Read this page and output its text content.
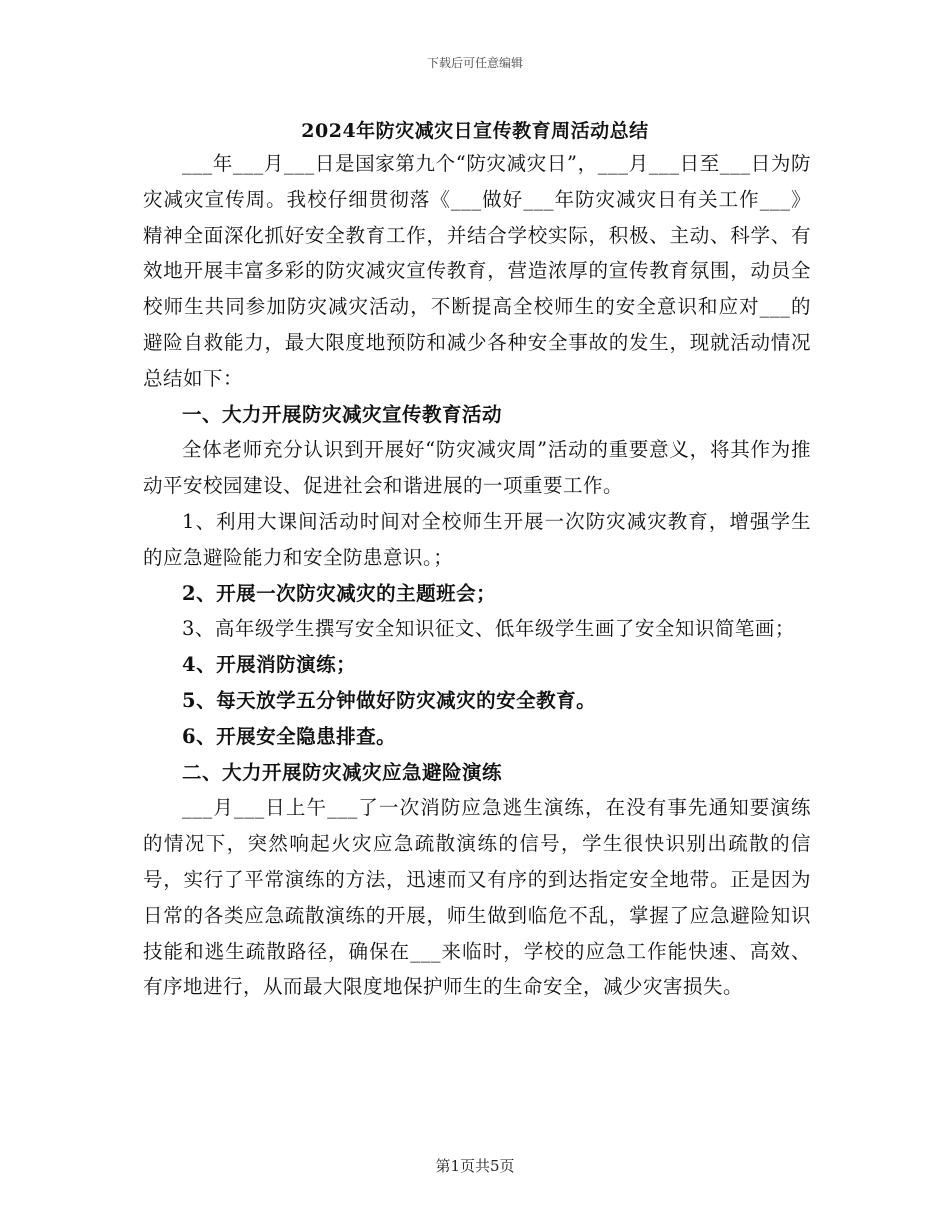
下载后可任意编辑
2024年防灾减灾日宣传教育周活动总结

___年___月___日是国家第九个“防灾减灾日”，___月___日至___日为防灾减灾宣传周。我校仔细贯彻落《___做好___年防灾减灾日有关工作___》精神全面深化抓好安全教育工作，并结合学校实际，积极、主动、科学、有效地开展丰富多彩的防灾减灾宣传教育，营造浓厚的宣传教育氛围，动员全校师生共同参加防灾减灾活动，不断提高全校师生的安全意识和应对___的避险自救能力，最大限度地预防和减少各种安全事故的发生，现就活动情况总结如下：

一、大力开展防灾减灾宣传教育活动

全体老师充分认识到开展好“防灾减灾周”活动的重要意义，将其作为推动平安校园建设、促进社会和谐进展的一项重要工作。

1、利用大课间活动时间对全校师生开展一次防灾减灾教育，增强学生的应急避险能力和安全防患意识。；

2、开展一次防灾减灾的主题班会；

3、高年级学生撰写安全知识征文、低年级学生画了安全知识简笔画；

4、开展消防演练；

5、每天放学五分钟做好防灾减灾的安全教育。

6、开展安全隐患排查。

二、大力开展防灾减灾应急避险演练

___月___日上午___了一次消防应急逃生演练，在没有事先通知要演练的情况下，突然响起火灾应急疏散演练的信号，学生很快识别出疏散的信号，实行了平常演练的方法，迅速而又有序的到达指定安全地带。正是因为日常的各类应急疏散演练的开展，师生做到临危不乱，掌握了应急避险知识技能和逃生疏散路径，确保在___来临时，学校的应急工作能快速、高效、有序地进行，从而最大限度地保护师生的生命安全，减少灾害损失。

第1页共5页
